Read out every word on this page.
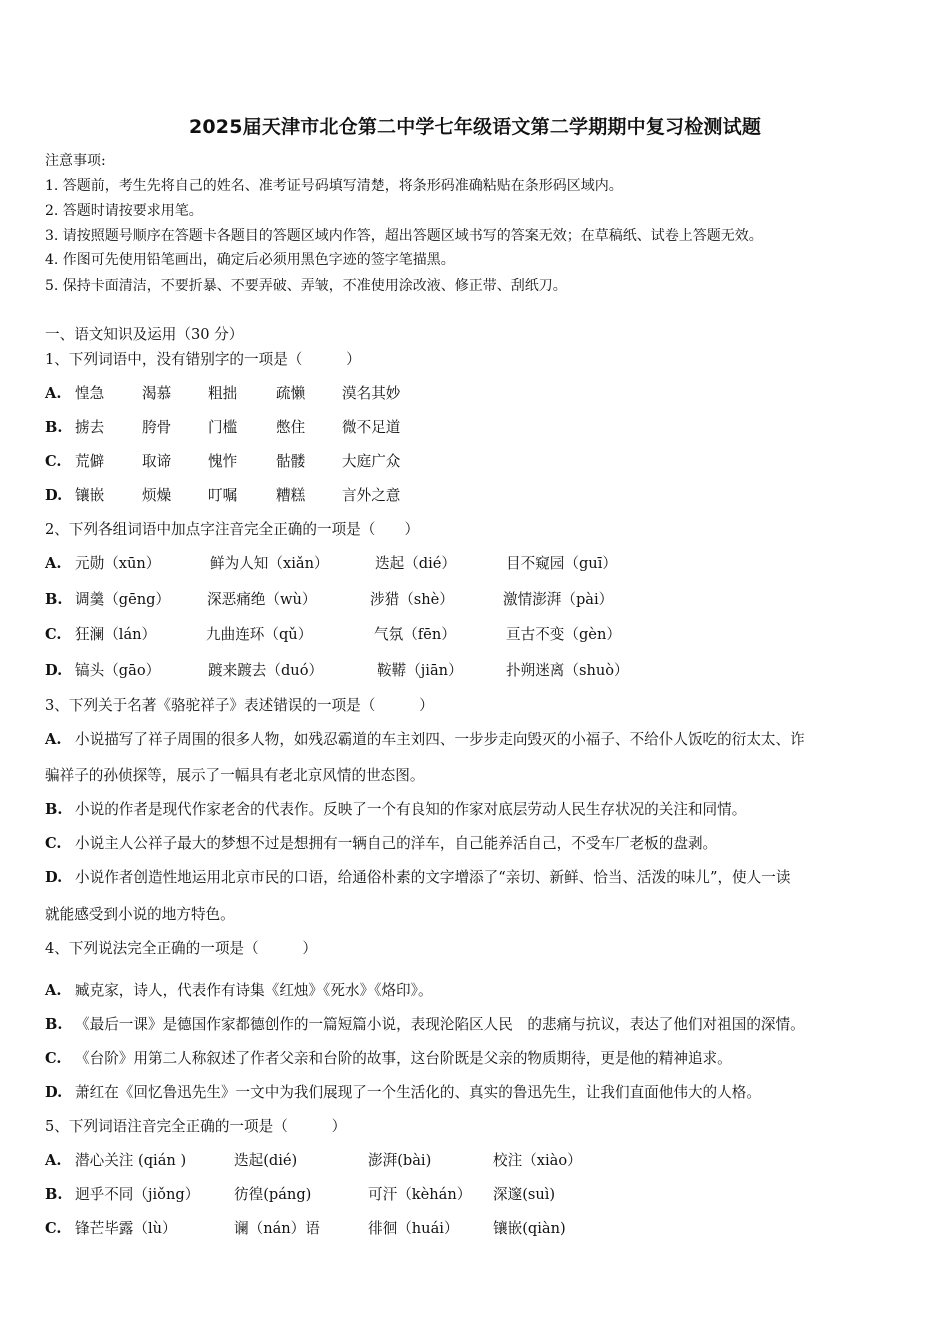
2025届天津市北仓第二中学七年级语文第二学期期中复习检测试题
注意事项:
1. 答题前，考生先将自己的姓名、准考证号码填写清楚，将条形码准确粘贴在条形码区域内。
2. 答题时请按要求用笔。
3. 请按照题号顺序在答题卡各题目的答题区域内作答，超出答题区域书写的答案无效；在草稿纸、试卷上答题无效。
4. 作图可先使用铅笔画出，确定后必须用黑色字迹的签字笔描黑。
5. 保持卡面清洁，不要折暴、不要弄破、弄皱，不准使用涂改液、修正带、刮纸刀。
一、语文知识及运用（30 分）
1、下列词语中，没有错别字的一项是（　　　）
A. 惶急	渴慕	粗拙	疏懒	漠名其妙
B. 掳去	胯骨	门槛	憋住	微不足道
C. 荒僻	取谛	愧怍	骷髅	大庭广众
D. 镶嵌	烦燥	叮嘱	糟糕	言外之意
2、下列各组词语中加点字注音完全正确的一项是（　　）
A. 元勋（xūn）	鲜为人知（xiǎn）	迭起（dié）	目不窥园（guī）
B. 调羹（gēng）	深恶痛绝（wù）	涉猎（shè）	激情澎湃（pài）
C. 狂澜（lán）	九曲连环（qǔ）	气氛（fēn）	亘古不变（gèn）
D. 镐头（gāo）	踱来踱去（duó）	鞍鞯（jiān）	扑朔迷离（shuò）
3、下列关于名著《骆驼祥子》表述错误的一项是（　　　）
A. 小说描写了祥子周围的很多人物，如残忍霸道的车主刘四、一步步走向毁灭的小福子、不给仆人饭吃的衍太太、诈
骗祥子的孙侦探等，展示了一幅具有老北京风情的世态图。
B. 小说的作者是现代作家老舍的代表作。反映了一个有良知的作家对底层劳动人民生存状况的关注和同情。
C. 小说主人公祥子最大的梦想不过是想拥有一辆自己的洋车，自己能养活自己，不受车厂老板的盘剥。
D. 小说作者创造性地运用北京市民的口语，给通俗朴素的文字增添了“亲切、新鲜、恰当、活泼的味儿”，使人一读
就能感受到小说的地方特色。
4、下列说法完全正确的一项是（　　　）
A. 臧克家，诗人，代表作有诗集《红烛》《死水》《烙印》。
B. 《最后一课》是德国作家都德创作的一篇短篇小说，表现沦陷区人民　的悲痛与抗议，表达了他们对祖国的深情。
C. 《台阶》用第二人称叙述了作者父亲和台阶的故事，这台阶既是父亲的物质期待，更是他的精神追求。
D. 萧红在《回忆鲁迅先生》一文中为我们展现了一个生活化的、真实的鲁迅先生，让我们直面他伟大的人格。
5、下列词语注音完全正确的一项是（　　　）
A. 潜心关注 (qián )	迭起(dié)	澎湃(bài)	校注（xiào）
B. 迥乎不同（jiǒng） 彷徨(páng)	可汗（kèhán） 深邃(suì)
C. 锋芒毕露（lù）	谰（nán）语	徘徊（huái） 镶嵌(qiàn)
